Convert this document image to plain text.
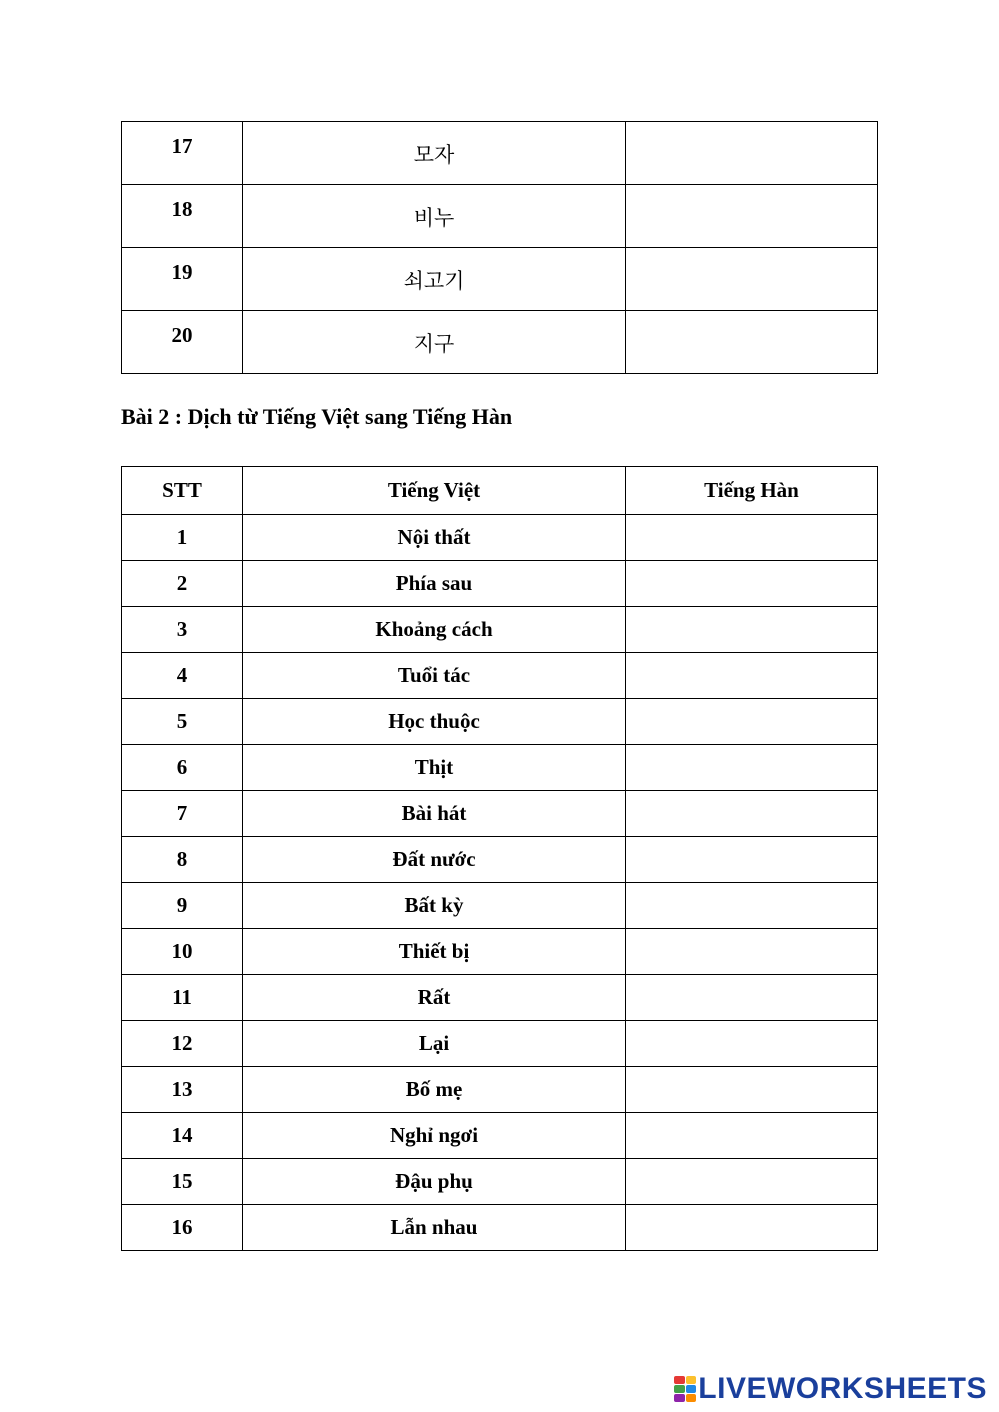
17	모자	
18	비누	
19	쇠고기	
20	지구	
Bài 2 : Dịch từ Tiếng Việt sang Tiếng Hàn
STT	Tiếng Việt	Tiếng Hàn
1	Nội thất	
2	Phía sau	
3	Khoảng cách	
4	Tuổi tác	
5	Học thuộc	
6	Thịt	
7	Bài hát	
8	Đất nước	
9	Bất kỳ	
10	Thiết bị	
11	Rất	
12	Lại	
13	Bố mẹ	
14	Nghỉ ngơi	
15	Đậu phụ	
16	Lẫn nhau	
LIVEWORKSHEETS
